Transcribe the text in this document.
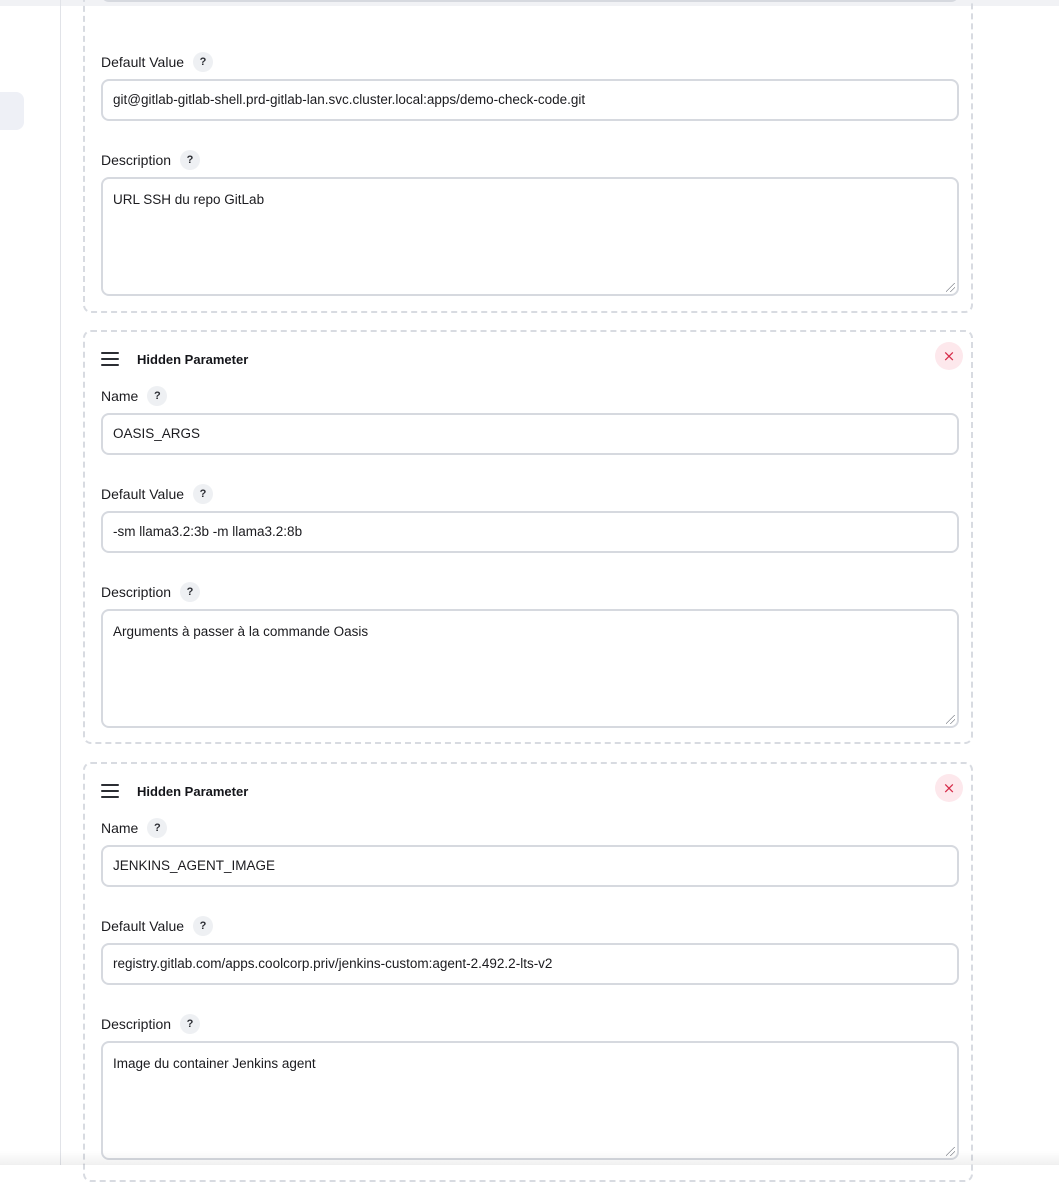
Default Value	?
git@gitlab-gitlab-shell.prd-gitlab-lan.svc.cluster.local:apps/demo-check-code.git
Description	?
URL SSH du repo GitLab
Hidden Parameter	×
Name	?
OASIS_ARGS
Default Value	?
-sm llama3.2:3b -m llama3.2:8b
Description	?
Arguments à passer à la commande Oasis
Hidden Parameter	×
Name	?
JENKINS_AGENT_IMAGE
Default Value	?
registry.gitlab.com/apps.coolcorp.priv/jenkins-custom:agent-2.492.2-lts-v2
Description	?
Image du container Jenkins agent
